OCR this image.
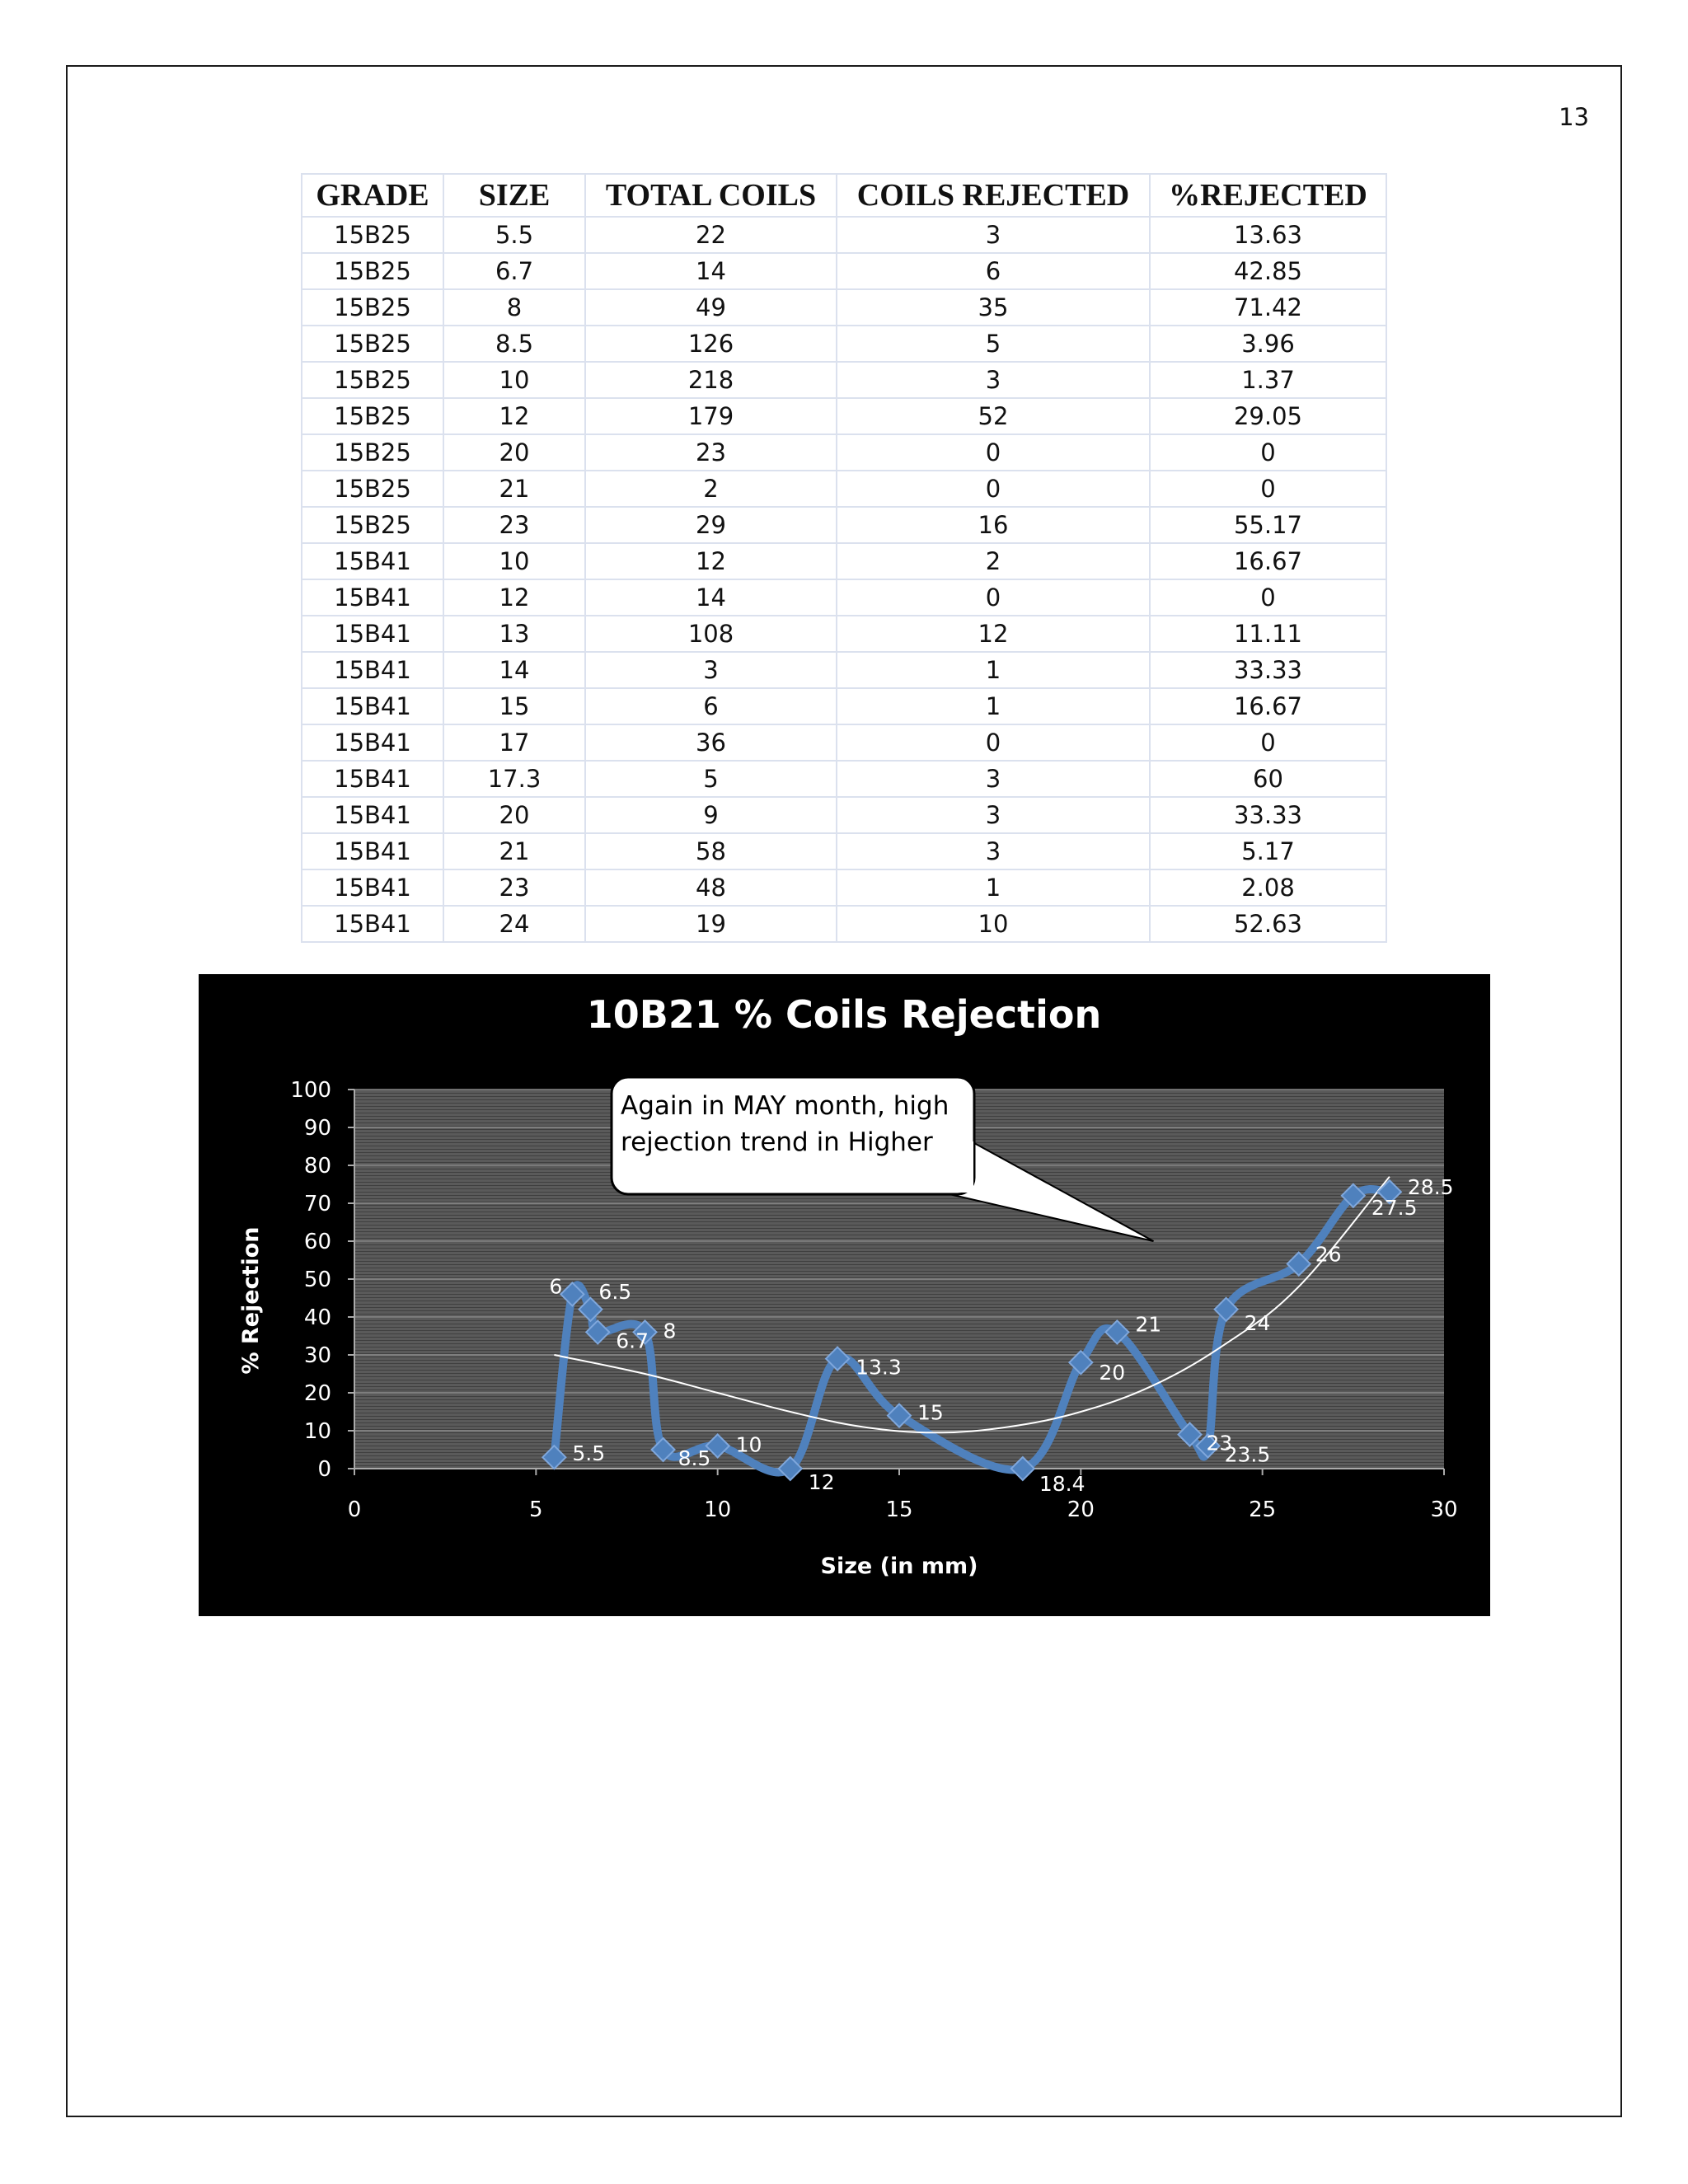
13
GRADE	SIZE	TOTAL COILS	COILS REJECTED	%REJECTED
15B25	5.5	22	3	13.63
15B25	6.7	14	6	42.85
15B25	8	49	35	71.42
15B25	8.5	126	5	3.96
15B25	10	218	3	1.37
15B25	12	179	52	29.05
15B25	20	23	0	0
15B25	21	2	0	0
15B25	23	29	16	55.17
15B41	10	12	2	16.67
15B41	12	14	0	0
15B41	13	108	12	11.11
15B41	14	3	1	33.33
15B41	15	6	1	16.67
15B41	17	36	0	0
15B41	17.3	5	3	60
15B41	20	9	3	33.33
15B41	21	58	3	5.17
15B41	23	48	1	2.08
15B41	24	19	10	52.63
10B21 % Coils Rejection
0
10
20
30
40
50
60
70
80
90
100
0	5	10	15	20	25	30
5.5
6 6.5
6.7 8
8.5
10
12
13.3
15
18.4
20
21
23
23.5
24
26
27.5
28.5
Again in MAY month, high
rejection trend in Higher
Size (in mm)
% Rejection
